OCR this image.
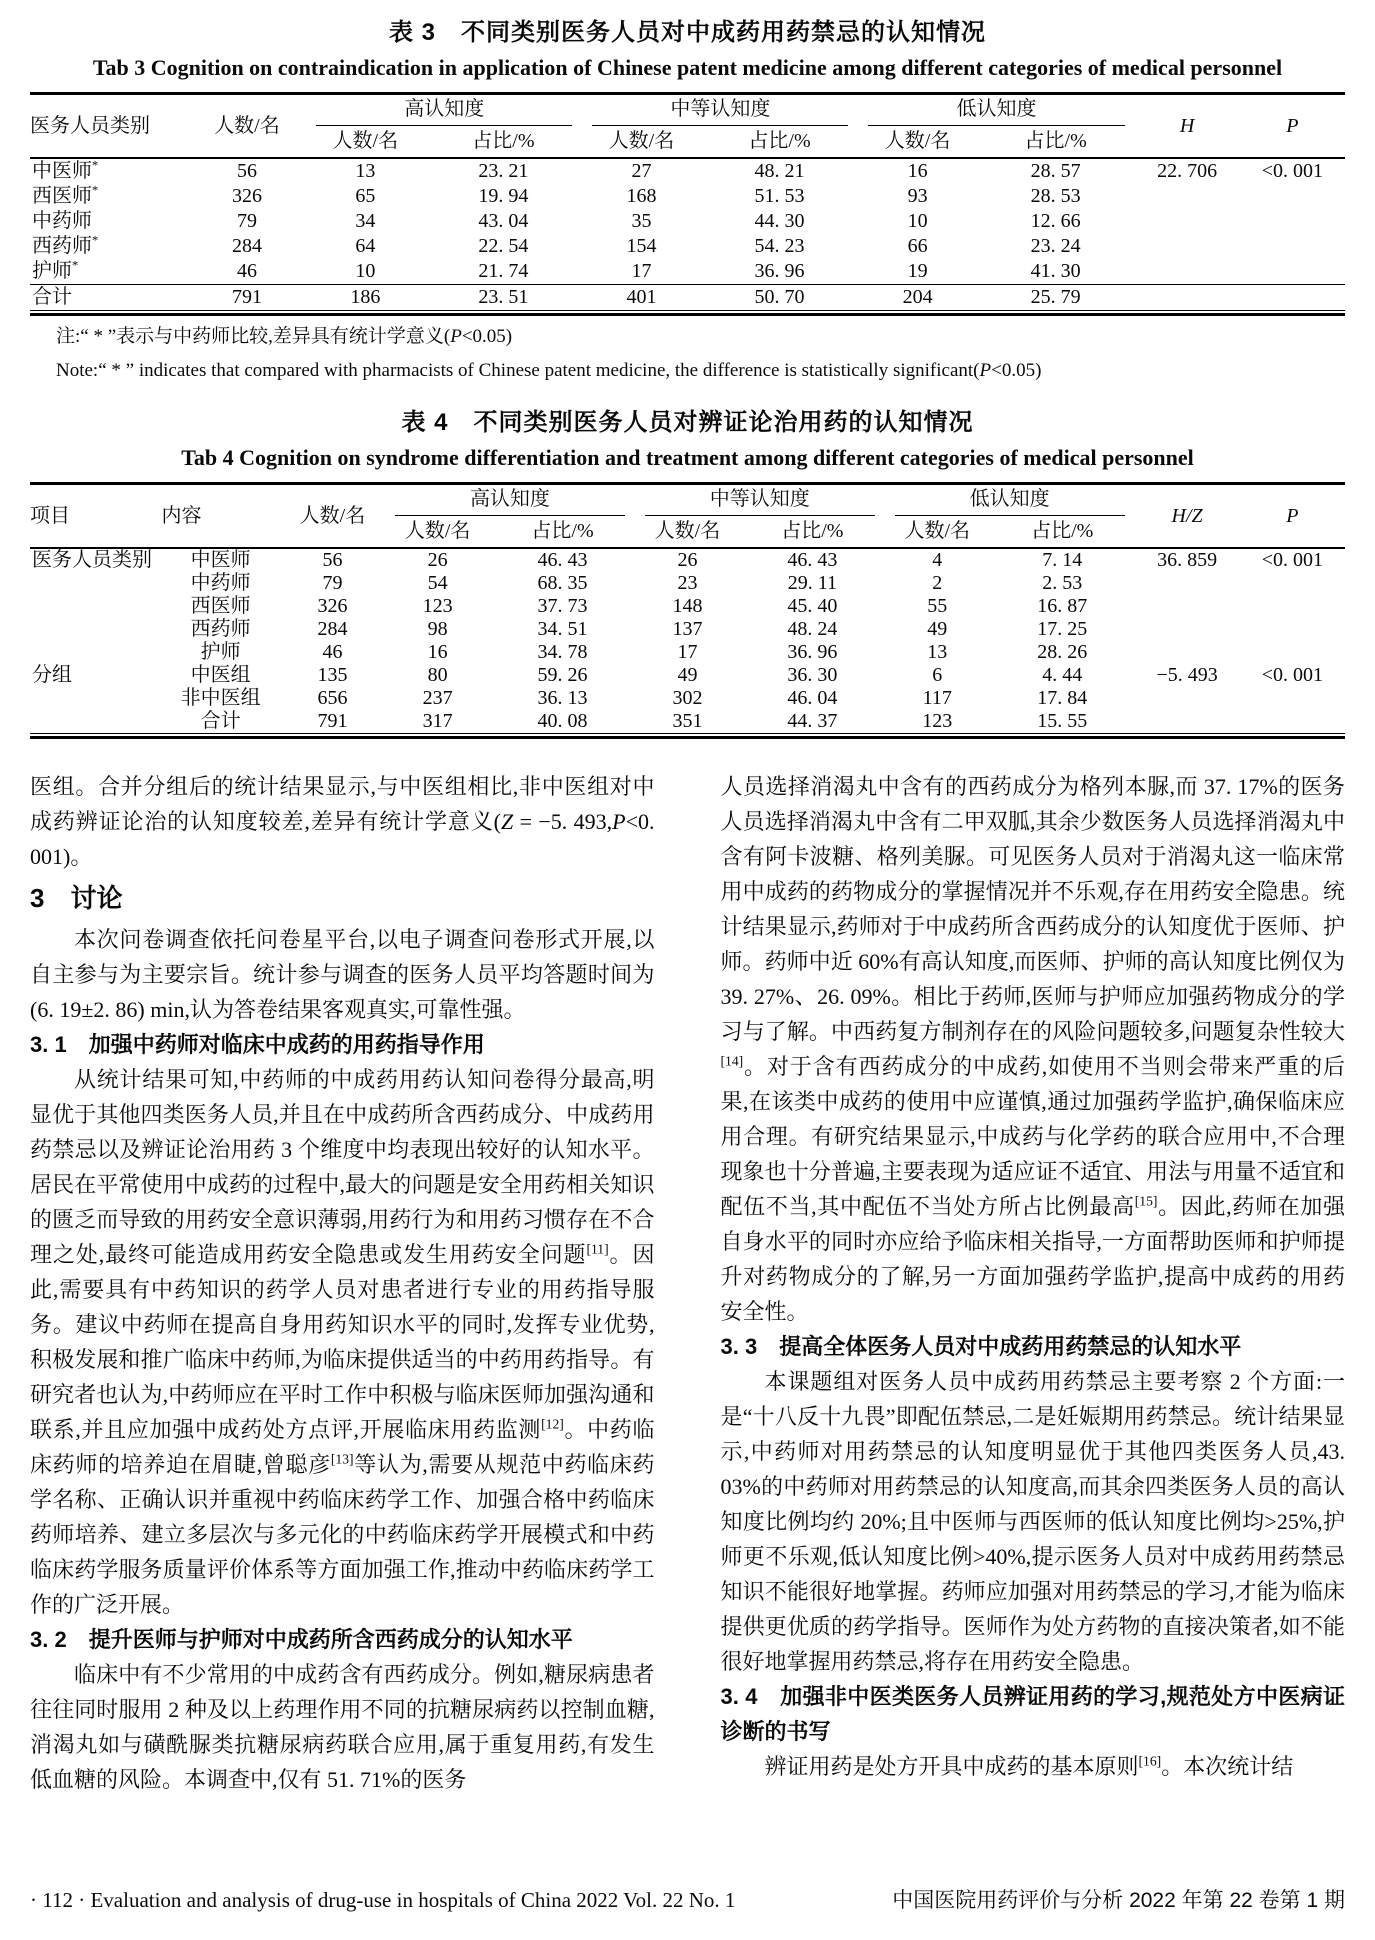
表 3　不同类别医务人员对中成药用药禁忌的认知情况
Tab 3 Cognition on contraindication in application of Chinese patent medicine among different categories of medical personnel
医务人员类别	人数/名	高认知度		中等认知度		低认知度		H	P
		人数/名	占比/%	人数/名	占比/%	人数/名	占比/%		
中医师*	56	13	23. 21	27	48. 21	16	28. 57	22. 706	<0. 001
西医师*	326	65	19. 94	168	51. 53	93	28. 53		
中药师	79	34	43. 04	35	44. 30	10	12. 66		
西药师*	284	64	22. 54	154	54. 23	66	23. 24		
护师*	46	10	21. 74	17	36. 96	19	41. 30		
合计	791	186	23. 51	401	50. 70	204	25. 79		
注:“ * ”表示与中药师比较,差异具有统计学意义(P<0.05)
Note:“ * ” indicates that compared with pharmacists of Chinese patent medicine, the difference is statistically significant(P<0.05)
表 4　不同类别医务人员对辨证论治用药的认知情况
Tab 4 Cognition on syndrome differentiation and treatment among different categories of medical personnel
项目	内容	人数/名	高认知度		中等认知度		低认知度		H/Z	P
			人数/名	占比/%	人数/名	占比/%	人数/名	占比/%		
医务人员类别	中医师	56	26	46. 43	26	46. 43	4	7. 14	36. 859	<0. 001
	中药师	79	54	68. 35	23	29. 11	2	2. 53		
	西医师	326	123	37. 73	148	45. 40	55	16. 87		
	西药师	284	98	34. 51	137	48. 24	49	17. 25		
	护师	46	16	34. 78	17	36. 96	13	28. 26		
分组	中医组	135	80	59. 26	49	36. 30	6	4. 44	−5. 493	<0. 001
	非中医组	656	237	36. 13	302	46. 04	117	17. 84		
	合计	791	317	40. 08	351	44. 37	123	15. 55		

医组。合并分组后的统计结果显示,与中医组相比,非中医组对中成药辨证论治的认知度较差,差异有统计学意义(Z = −5. 493,P<0. 001)。

3　讨论

本次问卷调查依托问卷星平台,以电子调查问卷形式开展,以自主参与为主要宗旨。统计参与调查的医务人员平均答题时间为(6. 19±2. 86) min,认为答卷结果客观真实,可靠性强。

3. 1　加强中药师对临床中成药的用药指导作用

从统计结果可知,中药师的中成药用药认知问卷得分最高,明显优于其他四类医务人员,并且在中成药所含西药成分、中成药用药禁忌以及辨证论治用药 3 个维度中均表现出较好的认知水平。居民在平常使用中成药的过程中,最大的问题是安全用药相关知识的匮乏而导致的用药安全意识薄弱,用药行为和用药习惯存在不合理之处,最终可能造成用药安全隐患或发生用药安全问题[11]。因此,需要具有中药知识的药学人员对患者进行专业的用药指导服务。建议中药师在提高自身用药知识水平的同时,发挥专业优势,积极发展和推广临床中药师,为临床提供适当的中药用药指导。有研究者也认为,中药师应在平时工作中积极与临床医师加强沟通和联系,并且应加强中成药处方点评,开展临床用药监测[12]。中药临床药师的培养迫在眉睫,曾聪彦[13]等认为,需要从规范中药临床药学名称、正确认识并重视中药临床药学工作、加强合格中药临床药师培养、建立多层次与多元化的中药临床药学开展模式和中药临床药学服务质量评价体系等方面加强工作,推动中药临床药学工作的广泛开展。

3. 2　提升医师与护师对中成药所含西药成分的认知水平

临床中有不少常用的中成药含有西药成分。例如,糖尿病患者往往同时服用 2 种及以上药理作用不同的抗糖尿病药以控制血糖,消渴丸如与磺酰脲类抗糖尿病药联合应用,属于重复用药,有发生低血糖的风险。本调查中,仅有 51. 71%的医务

人员选择消渴丸中含有的西药成分为格列本脲,而 37. 17%的医务人员选择消渴丸中含有二甲双胍,其余少数医务人员选择消渴丸中含有阿卡波糖、格列美脲。可见医务人员对于消渴丸这一临床常用中成药的药物成分的掌握情况并不乐观,存在用药安全隐患。统计结果显示,药师对于中成药所含西药成分的认知度优于医师、护师。药师中近 60%有高认知度,而医师、护师的高认知度比例仅为 39. 27%、26. 09%。相比于药师,医师与护师应加强药物成分的学习与了解。中西药复方制剂存在的风险问题较多,问题复杂性较大[14]。对于含有西药成分的中成药,如使用不当则会带来严重的后果,在该类中成药的使用中应谨慎,通过加强药学监护,确保临床应用合理。有研究结果显示,中成药与化学药的联合应用中,不合理现象也十分普遍,主要表现为适应证不适宜、用法与用量不适宜和配伍不当,其中配伍不当处方所占比例最高[15]。因此,药师在加强自身水平的同时亦应给予临床相关指导,一方面帮助医师和护师提升对药物成分的了解,另一方面加强药学监护,提高中成药的用药安全性。

3. 3　提高全体医务人员对中成药用药禁忌的认知水平

本课题组对医务人员中成药用药禁忌主要考察 2 个方面:一是“十八反十九畏”即配伍禁忌,二是妊娠期用药禁忌。统计结果显示,中药师对用药禁忌的认知度明显优于其他四类医务人员,43. 03%的中药师对用药禁忌的认知度高,而其余四类医务人员的高认知度比例均约 20%;且中医师与西医师的低认知度比例均>25%,护师更不乐观,低认知度比例>40%,提示医务人员对中成药用药禁忌知识不能很好地掌握。药师应加强对用药禁忌的学习,才能为临床提供更优质的药学指导。医师作为处方药物的直接决策者,如不能很好地掌握用药禁忌,将存在用药安全隐患。

3. 4　加强非中医类医务人员辨证用药的学习,规范处方中医病证诊断的书写

辨证用药是处方开具中成药的基本原则[16]。本次统计结

· 112 · Evaluation and analysis of drug-use in hospitals of China 2022 Vol. 22 No. 1	中国医院用药评价与分析 2022 年第 22 卷第 1 期
